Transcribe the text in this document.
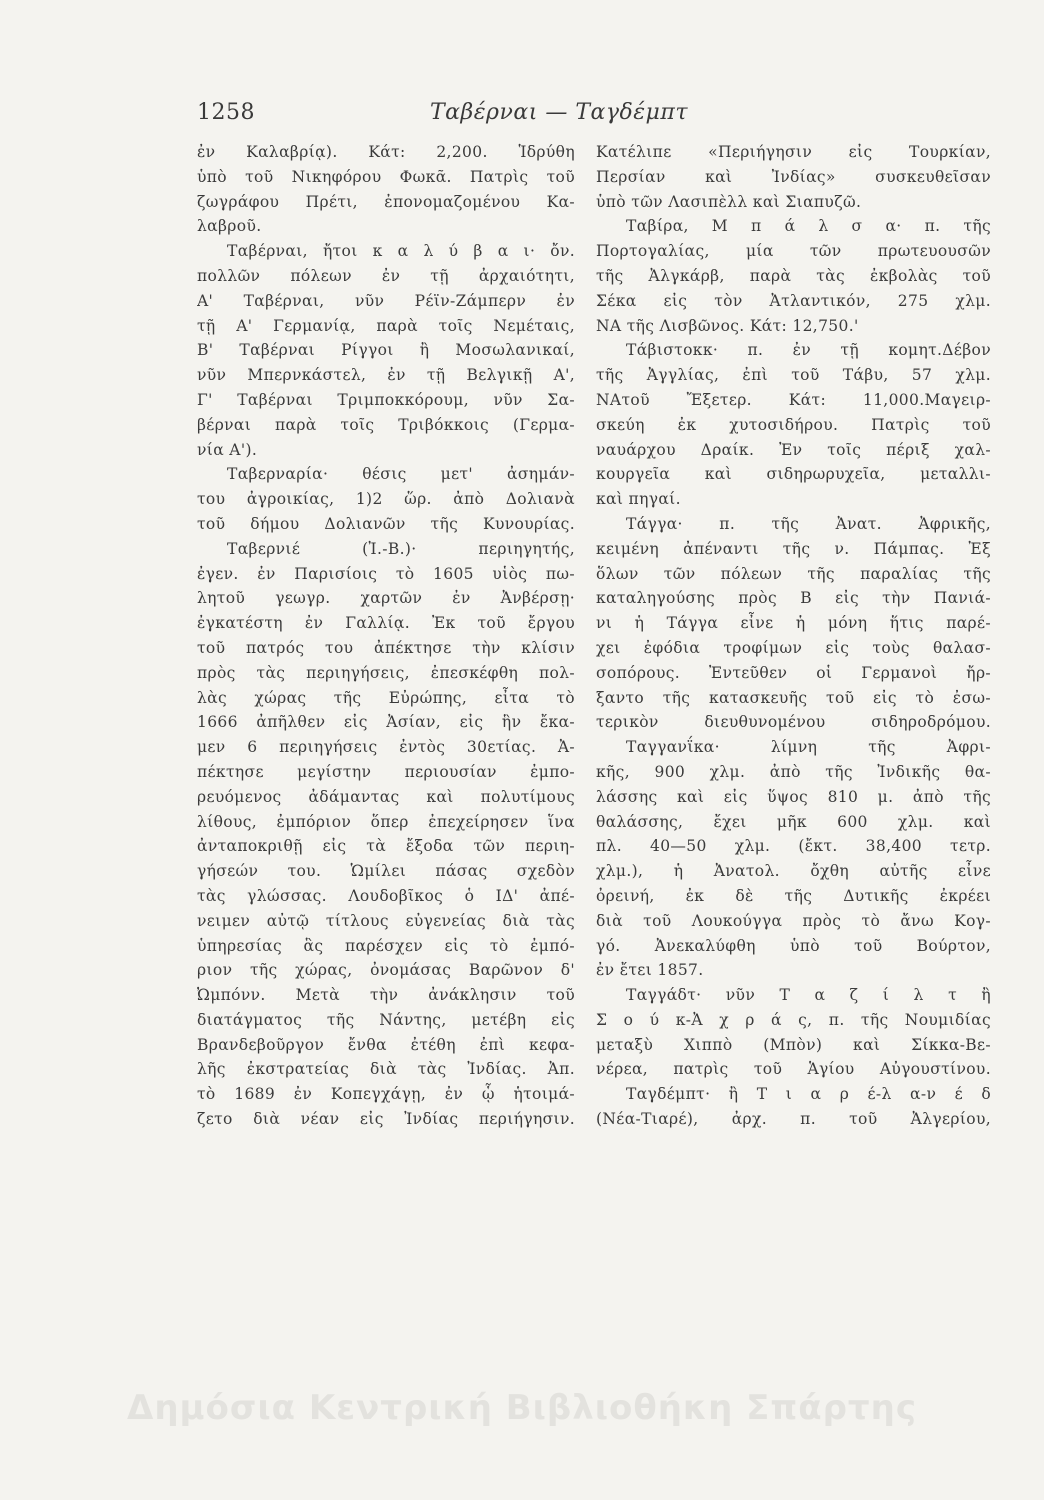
1258	Ταβέρναι — Ταγδέμπτ
ἐν Καλαβρίᾳ). Κάτ: 2,200. Ἱδρύθη
ὑπὸ τοῦ Νικηφόρου Φωκᾶ. Πατρὶς τοῦ
ζωγράφου Πρέτι, ἐπονομαζομένου Κα-
λαβροῦ.
Ταβέρναι, ἤτοι κ α λ ύ β α ι· ὄν.
πολλῶν πόλεων ἐν τῇ ἀρχαιότητι,
Α' Ταβέρναι, νῦν Ρέϊν-Ζάμπερν ἐν
τῇ Α' Γερμανίᾳ, παρὰ τοῖς Νεμέταις,
Β' Ταβέρναι Ρίγγοι ἢ Μοσωλανικαί,
νῦν Μπερνκάστελ, ἐν τῇ Βελγικῇ Α',
Γ' Ταβέρναι Τριμποκκόρουμ, νῦν Σα-
βέρναι παρὰ τοῖς Τριβόκκοις (Γερμα-
νία Α').
Ταβερναρία· θέσις μετ' ἀσημάν-
του ἀγροικίας, 1)2 ὥρ. ἀπὸ Δολιανὰ
τοῦ δήμου Δολιανῶν τῆς Κυνουρίας.
Ταβερνιέ (Ἰ.-Β.)· περιηγητής,
ἐγεν. ἐν Παρισίοις τὸ 1605 υἱὸς πω-
λητοῦ γεωγρ. χαρτῶν ἐν Ἀνβέρσῃ·
ἐγκατέστη ἐν Γαλλίᾳ. Ἐκ τοῦ ἔργου
τοῦ πατρός του ἀπέκτησε τὴν κλίσιν
πρὸς τὰς περιηγήσεις, ἐπεσκέφθη πολ-
λὰς χώρας τῆς Εὐρώπης, εἶτα τὸ
1666 ἀπῆλθεν εἰς Ἀσίαν, εἰς ἣν ἔκα-
μεν 6 περιηγήσεις ἐντὸς 30ετίας. Ἀ-
πέκτησε μεγίστην περιουσίαν ἐμπο-
ρευόμενος ἀδάμαντας καὶ πολυτίμους
λίθους, ἐμπόριον ὅπερ ἐπεχείρησεν ἵνα
ἀνταποκριθῇ εἰς τὰ ἔξοδα τῶν περιη-
γήσεών του. Ὡμίλει πάσας σχεδὸν
τὰς γλώσσας. Λουδοβῖκος ὁ ΙΔ' ἀπέ-
νειμεν αὐτῷ τίτλους εὐγενείας διὰ τὰς
ὑπηρεσίας ἃς παρέσχεν εἰς τὸ ἐμπό-
ριον τῆς χώρας, ὀνομάσας Βαρῶνον δ'
Ὠμπόνν. Μετὰ τὴν ἀνάκλησιν τοῦ
διατάγματος τῆς Νάντης, μετέβη εἰς
Βρανδεβοῦργον ἔνθα ἐτέθη ἐπὶ κεφα-
λῆς ἐκστρατείας διὰ τὰς Ἰνδίας. Ἀπ.
τὸ 1689 ἐν Κοπεγχάγῃ, ἐν ᾧ ἡτοιμά-
ζετο διὰ νέαν εἰς Ἰνδίας περιήγησιν.
Κατέλιπε «Περιήγησιν εἰς Τουρκίαν,
Περσίαν καὶ Ἰνδίας» συσκευθεῖσαν
ὑπὸ τῶν Λασιπὲλλ καὶ Σιαπυζῶ.
Ταβίρα, Μ π ά λ σ α· π. τῆς
Πορτογαλίας, μία τῶν πρωτευουσῶν
τῆς Ἀλγκάρβ, παρὰ τὰς ἐκβολὰς τοῦ
Σέκα εἰς τὸν Ἀτλαντικόν, 275 χλμ.
ΝΑ τῆς Λισβῶνος. Κάτ: 12,750.'
Τάβιστοκκ· π. ἐν τῇ κομητ.Δέβον
τῆς Ἀγγλίας, ἐπὶ τοῦ Τάβυ, 57 χλμ.
ΝΑτοῦ Ἔξετερ. Κάτ: 11,000.Μαγειρ-
σκεύη ἐκ χυτοσιδήρου. Πατρὶς τοῦ
ναυάρχου Δραίκ. Ἐν τοῖς πέριξ χαλ-
κουργεῖα καὶ σιδηρωρυχεῖα, μεταλλι-
καὶ πηγαί.
Τάγγα· π. τῆς Ἀνατ. Ἀφρικῆς,
κειμένη ἀπέναντι τῆς ν. Πάμπας. Ἐξ
ὅλων τῶν πόλεων τῆς παραλίας τῆς
καταληγούσης πρὸς Β εἰς τὴν Πανιά-
νι ἡ Τάγγα εἶνε ἡ μόνη ἥτις παρέ-
χει ἐφόδια τροφίμων εἰς τοὺς θαλασ-
σοπόρους. Ἐντεῦθεν οἱ Γερμανοὶ ἤρ-
ξαντο τῆς κατασκευῆς τοῦ εἰς τὸ ἐσω-
τερικὸν διευθυνομένου σιδηροδρόμου.
Ταγγανΐκα· λίμνη τῆς Ἀφρι-
κῆς, 900 χλμ. ἀπὸ τῆς Ἰνδικῆς θα-
λάσσης καὶ εἰς ὕψος 810 μ. ἀπὸ τῆς
θαλάσσης, ἔχει μῆκ 600 χλμ. καὶ
πλ. 40—50 χλμ. (ἔκτ. 38,400 τετρ.
χλμ.), ἡ Ἀνατολ. ὄχθη αὐτῆς εἶνε
ὀρεινή, ἐκ δὲ τῆς Δυτικῆς ἐκρέει
διὰ τοῦ Λουκούγγα πρὸς τὸ ἄνω Κογ-
γό. Ἀνεκαλύφθη ὑπὸ τοῦ Βούρτον,
ἐν ἔτει 1857.
Ταγγάδτ· νῦν Τ α ζ ί λ τ ἢ
Σ ο ύ κ-Ἀ χ ρ ά ς, π. τῆς Νουμιδίας
μεταξὺ Χιππὸ (Μπὸν) καὶ Σίκκα-Βε-
νέρεα, πατρὶς τοῦ Ἁγίου Αὐγουστίνου.
Ταγδέμπτ· ἢ Τ ι α ρ έ-λ α-ν έ δ
(Νέα-Τιαρέ), ἀρχ. π. τοῦ Ἀλγερίου,
Δημόσια Κεντρική Βιβλιοθήκη Σπάρτης
